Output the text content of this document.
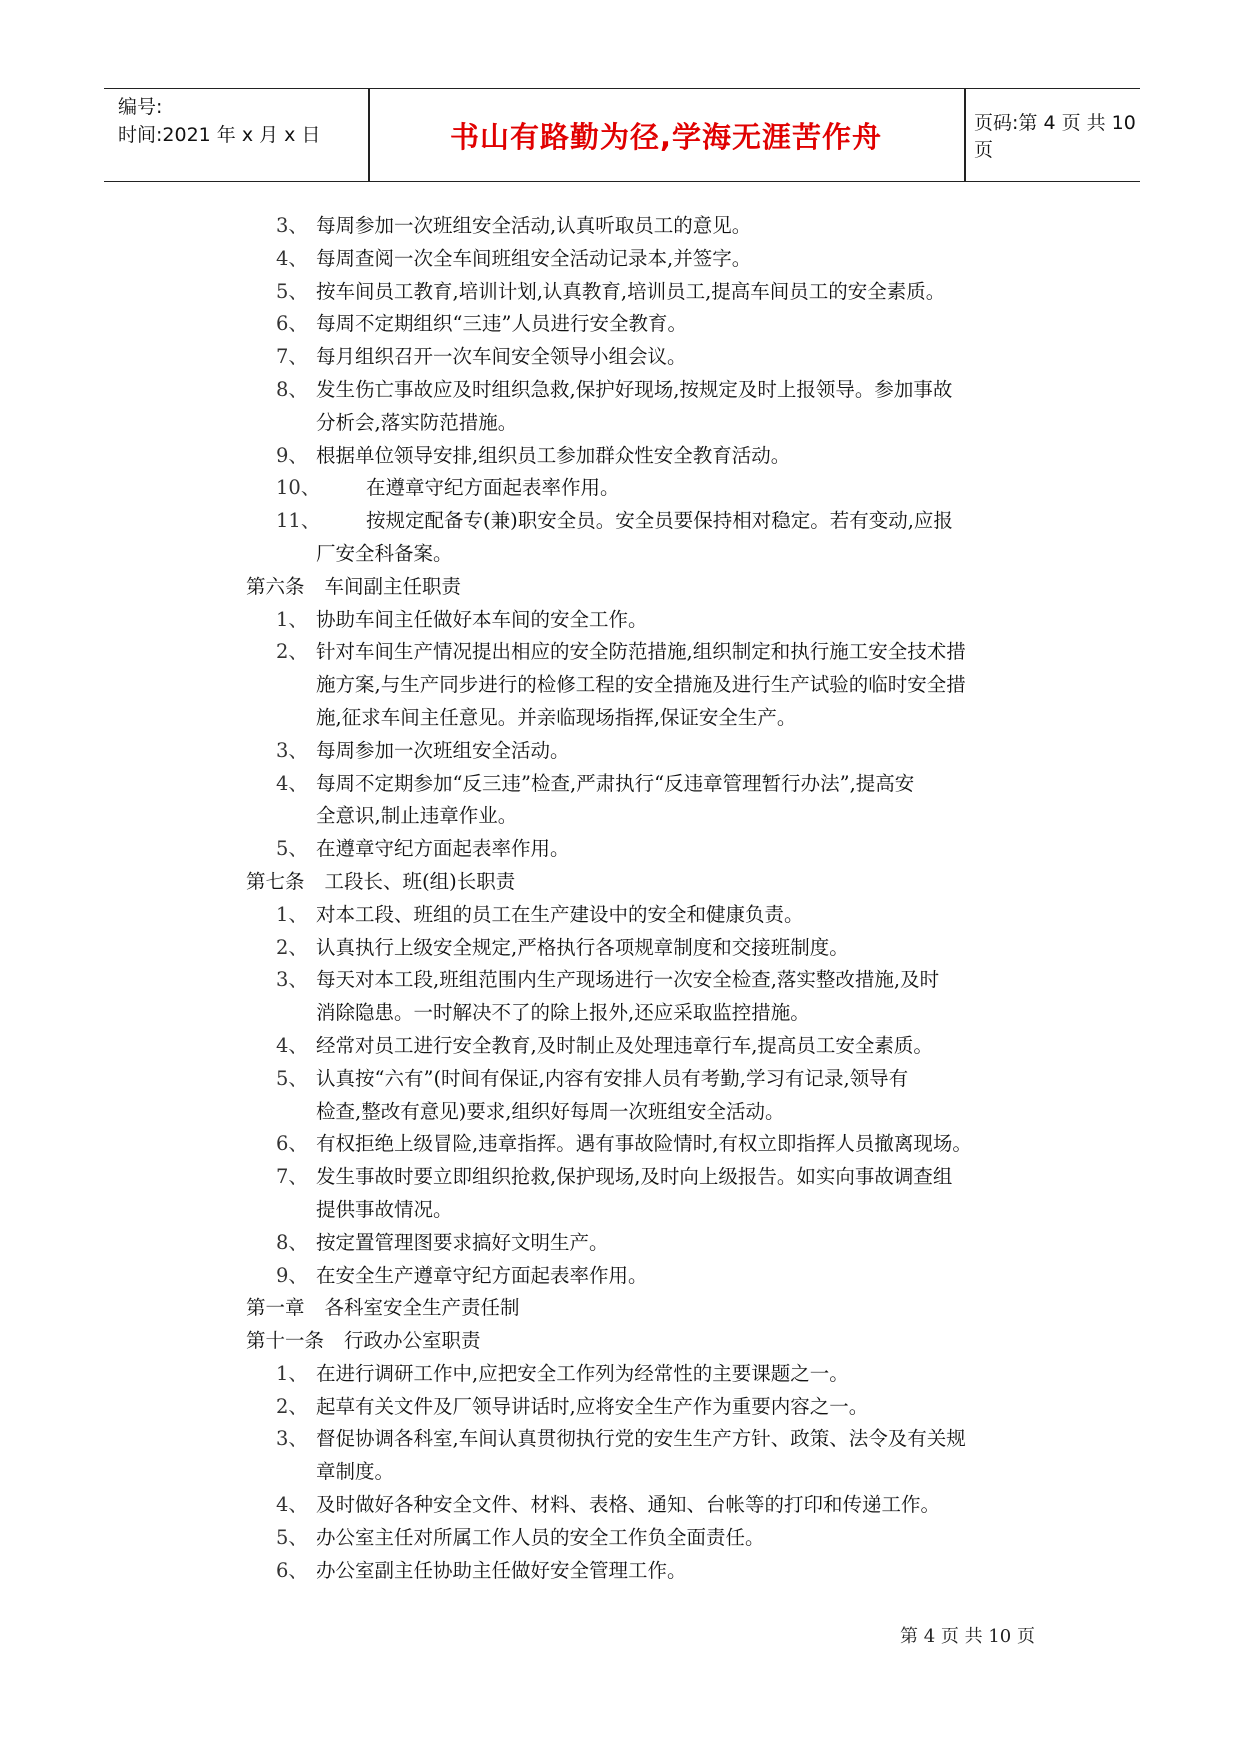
编号:
时间:2021 年 x 月 x 日	书山有路勤为径,学海无涯苦作舟	页码:第 4 页 共 10 页
3、 每周参加一次班组安全活动,认真听取员工的意见。
4、 每周查阅一次全车间班组安全活动记录本,并签字。
5、 按车间员工教育,培训计划,认真教育,培训员工,提高车间员工的安全素质。
6、 每周不定期组织“三违”人员进行安全教育。
7、 每月组织召开一次车间安全领导小组会议。
8、 发生伤亡事故应及时组织急救,保护好现场,按规定及时上报领导。参加事故
分析会,落实防范措施。
9、 根据单位领导安排,组织员工参加群众性安全教育活动。
10、	在遵章守纪方面起表率作用。
11、	按规定配备专(兼)职安全员。安全员要保持相对稳定。若有变动,应报
厂安全科备案。
第六条 车间副主任职责
1、 协助车间主任做好本车间的安全工作。
2、 针对车间生产情况提出相应的安全防范措施,组织制定和执行施工安全技术措
施方案,与生产同步进行的检修工程的安全措施及进行生产试验的临时安全措
施,征求车间主任意见。并亲临现场指挥,保证安全生产。
3、 每周参加一次班组安全活动。
4、 每周不定期参加“反三违”检查,严肃执行“反违章管理暂行办法”,提高安
全意识,制止违章作业。
5、 在遵章守纪方面起表率作用。
第七条 工段长、班(组)长职责
1、 对本工段、班组的员工在生产建设中的安全和健康负责。
2、 认真执行上级安全规定,严格执行各项规章制度和交接班制度。
3、 每天对本工段,班组范围内生产现场进行一次安全检查,落实整改措施,及时
消除隐患。一时解决不了的除上报外,还应采取监控措施。
4、 经常对员工进行安全教育,及时制止及处理违章行车,提高员工安全素质。
5、 认真按“六有”(时间有保证,内容有安排人员有考勤,学习有记录,领导有
检查,整改有意见)要求,组织好每周一次班组安全活动。
6、 有权拒绝上级冒险,违章指挥。遇有事故险情时,有权立即指挥人员撤离现场。
7、 发生事故时要立即组织抢救,保护现场,及时向上级报告。如实向事故调查组
提供事故情况。
8、 按定置管理图要求搞好文明生产。
9、 在安全生产遵章守纪方面起表率作用。
第一章 各科室安全生产责任制
第十一条 行政办公室职责
1、 在进行调研工作中,应把安全工作列为经常性的主要课题之一。
2、 起草有关文件及厂领导讲话时,应将安全生产作为重要内容之一。
3、 督促协调各科室,车间认真贯彻执行党的安生生产方针、政策、法令及有关规
章制度。
4、 及时做好各种安全文件、材料、表格、通知、台帐等的打印和传递工作。
5、 办公室主任对所属工作人员的安全工作负全面责任。
6、 办公室副主任协助主任做好安全管理工作。
第 4 页 共 10 页
